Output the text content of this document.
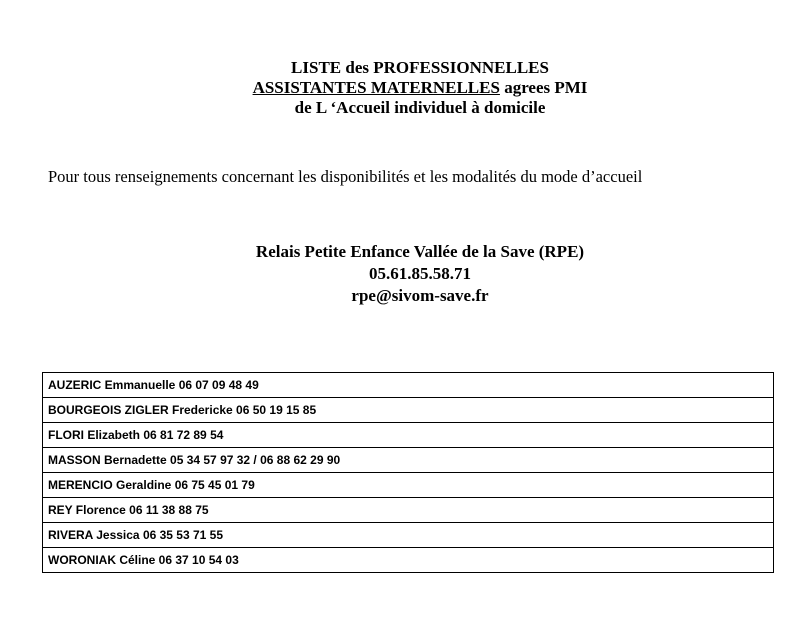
LISTE des PROFESSIONNELLES
ASSISTANTES MATERNELLES agrees PMI
de L ‘Accueil individuel à domicile
Pour tous renseignements concernant les disponibilités et les modalités du mode d’accueil
Relais Petite Enfance Vallée de la Save (RPE)
05.61.85.58.71
rpe@sivom-save.fr
AUZERIC Emmanuelle 06 07 09 48 49
BOURGEOIS ZIGLER Fredericke 06 50 19 15 85
FLORI Elizabeth 06 81 72 89 54
MASSON Bernadette 05 34 57 97 32 / 06 88 62 29 90
MERENCIO Geraldine 06 75 45 01 79
REY Florence 06 11 38 88 75
RIVERA Jessica 06 35 53 71 55
WORONIAK Céline 06 37 10 54 03
